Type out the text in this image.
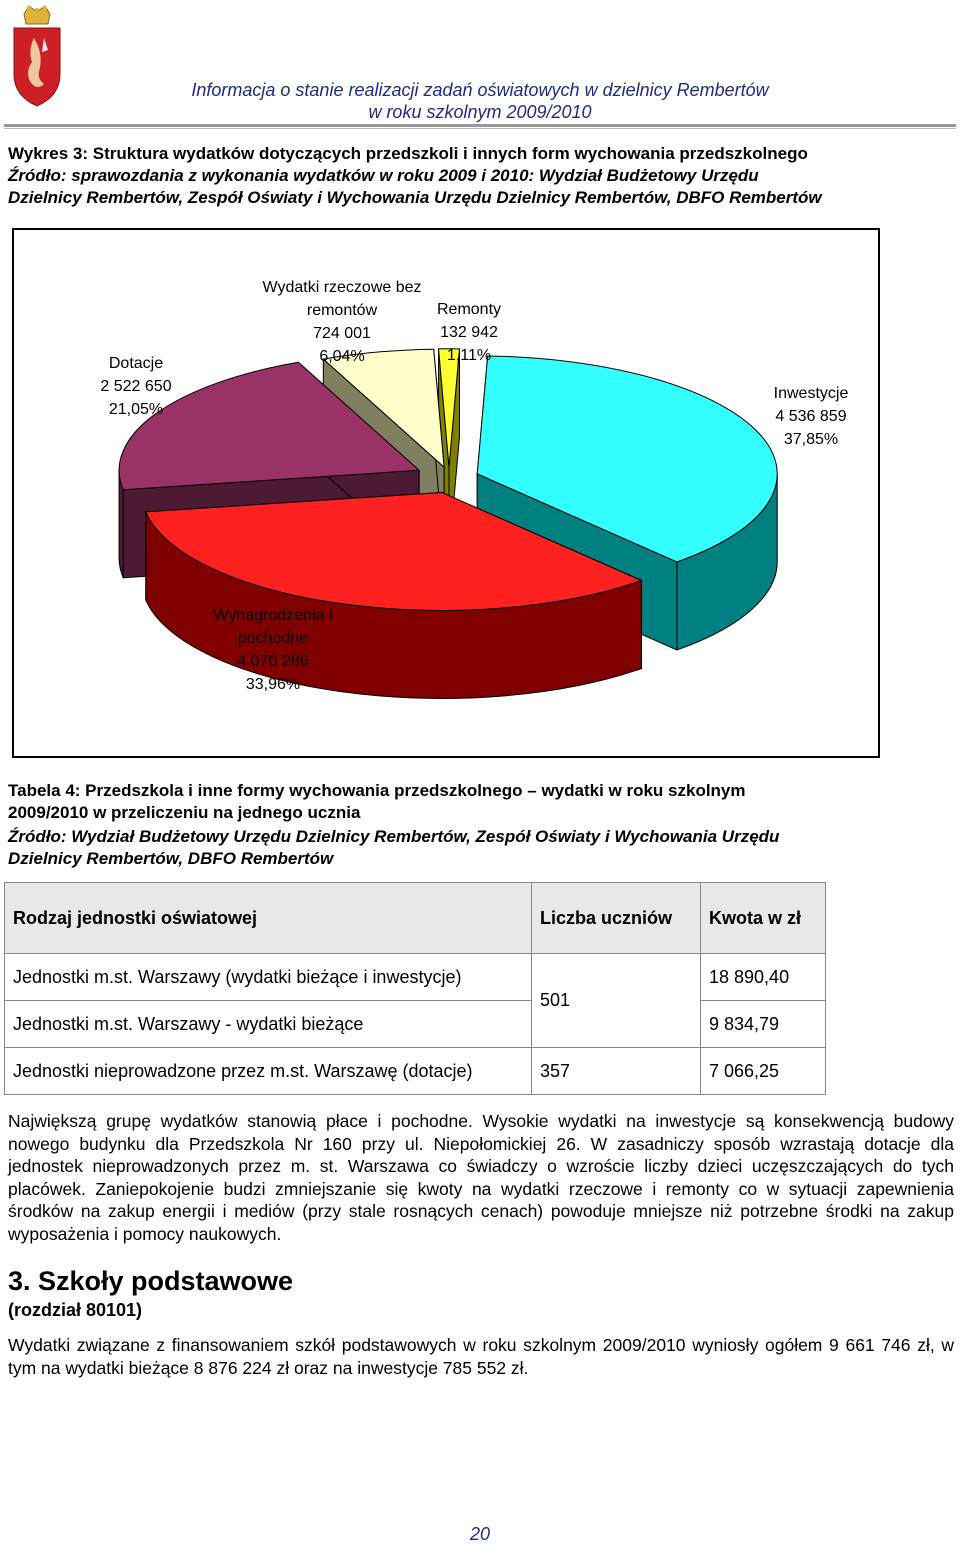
Informacja o stanie realizacji zadań oświatowych w dzielnicy Rembertów
w roku szkolnym 2009/2010
Wykres 3: Struktura wydatków dotyczących przedszkoli i innych form wychowania przedszkolnego
Źródło: sprawozdania z wykonania wydatków w roku 2009 i 2010: Wydział Budżetowy Urzędu
Dzielnicy Rembertów, Zespół Oświaty i Wychowania Urzędu Dzielnicy Rembertów, DBFO Rembertów
Inwestycje 4 536 859 37,85%
Wynagrodzenia i pochodne 4 070 286 33,96%
Dotacje 2 522 650 21,05%
Wydatki rzeczowe bez remontów 724 001 6,04%
Remonty 132 942 1,11%
Tabela 4: Przedszkola i inne formy wychowania przedszkolnego – wydatki w roku szkolnym
2009/2010 w przeliczeniu na jednego ucznia
Źródło: Wydział Budżetowy Urzędu Dzielnicy Rembertów, Zespół Oświaty i Wychowania Urzędu
Dzielnicy Rembertów, DBFO Rembertów
Rodzaj jednostki oświatowej	Liczba uczniów	Kwota w zł
Jednostki m.st. Warszawy (wydatki bieżące i inwestycje)	501	18 890,40
Jednostki m.st. Warszawy - wydatki bieżące		9 834,79
Jednostki nieprowadzone przez m.st. Warszawę (dotacje)	357	7 066,25
Największą grupę wydatków stanowią płace i pochodne. Wysokie wydatki na inwestycje są konsekwencją budowy nowego budynku dla Przedszkola Nr 160 przy ul. Niepołomickiej 26. W zasadniczy sposób wzrastają dotacje dla jednostek nieprowadzonych przez m. st. Warszawa co świadczy o wzroście liczby dzieci uczęszczających do tych placówek. Zaniepokojenie budzi zmniejszanie się kwoty na wydatki rzeczowe i remonty co w sytuacji zapewnienia środków na zakup energii i mediów (przy stale rosnących cenach) powoduje mniejsze niż potrzebne środki na zakup wyposażenia i pomocy naukowych.
3. Szkoły podstawowe
(rozdział 80101)
Wydatki związane z finansowaniem szkół podstawowych w roku szkolnym 2009/2010 wyniosły ogółem 9 661 746 zł, w tym na wydatki bieżące 8 876 224 zł oraz na inwestycje 785 552 zł.
20
